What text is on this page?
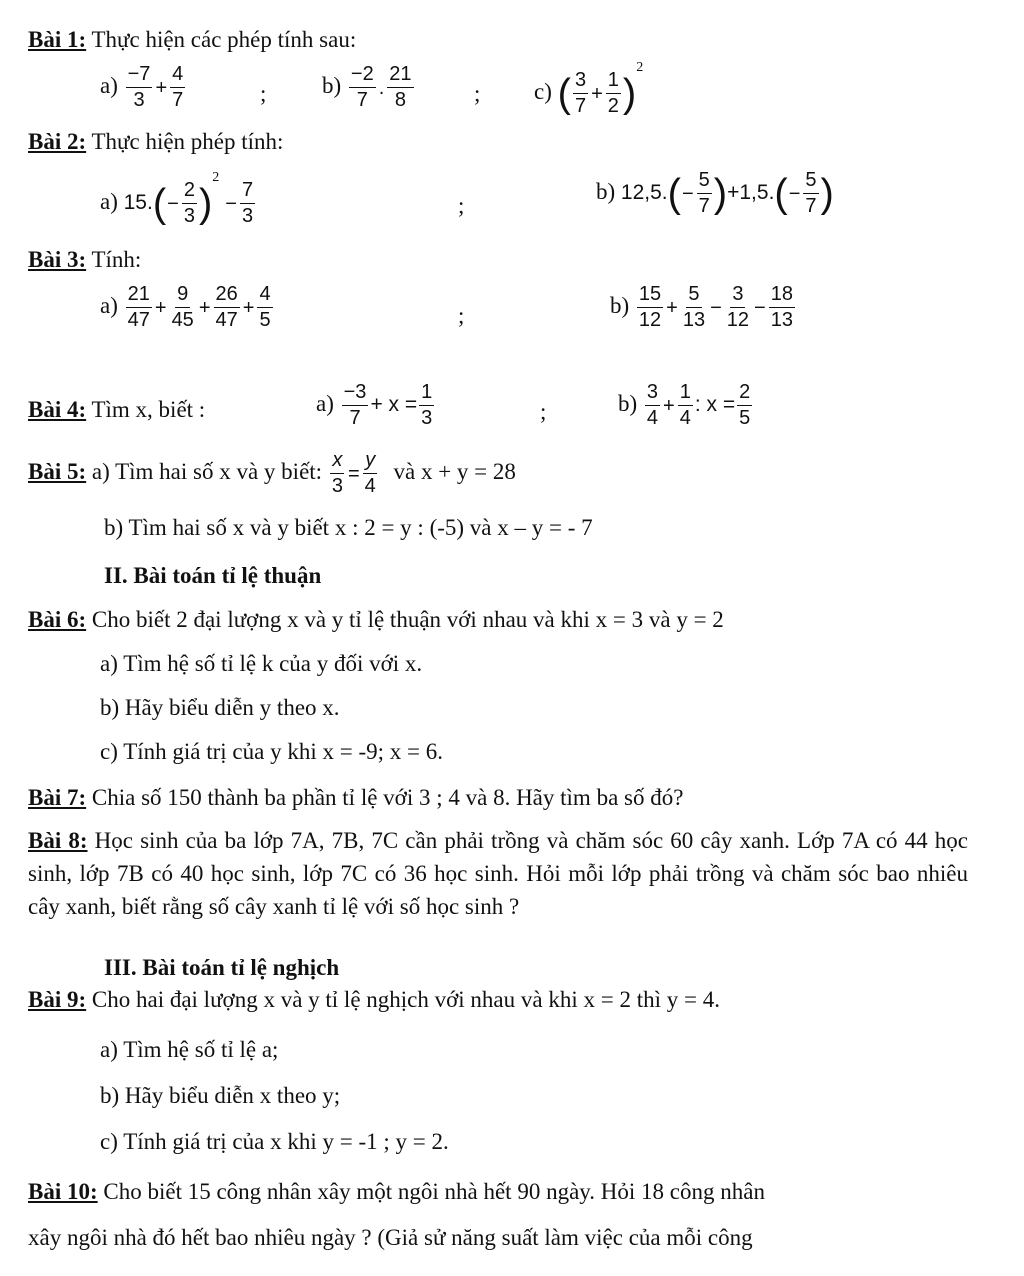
Bài 1: Thực hiện các phép tính sau:
$a) \frac{-7}{3} + \frac{4}{7}$	; $b) \frac{-2}{7}$ . $\frac{21}{8}$	; c) ( $\frac{3}{7} + \frac{1}{2} )^2$
Bài 2: Thực hiện phép tính:
a) $15.(- \frac{2}{3} )^2- \frac{7}{3}$	;
b) $12,5.(- \frac{5}{7} )+1,5.(- \frac{5}{7}$ )
Bài 3: Tính:
$a) \frac{21}{47} + \frac{9}{45} + \frac{26}{47} + \frac{4}{5}$	;	$b) \frac{15}{12} + \frac{5}{13} - \frac{3}{12} - \frac{18}{13}$
Bài 4: Tìm x, biết :	$a) \frac{-3}{7} + x = \frac{1}{3}$	;	$b) \frac{3}{4} + \frac{1}{4}$ : $x = \frac{2}{5}$
Bài 5: a) Tìm hai số x và y biết: $\frac{x}{3} = \frac{y}{4}$ và x + y = 28
b) Tìm hai số x và y biết x : 2 = y : (-5) và x – y = - 7
II. Bài toán tỉ lệ thuận
Bài 6: Cho biết 2 đại lượng x và y tỉ lệ thuận với nhau và khi x = 3 và y = 2
a) Tìm hệ số tỉ lệ k của y đối với x.
b) Hãy biểu diễn y theo x.
c) Tính giá trị của y khi x = -9; x = 6.
Bài 7: Chia số 150 thành ba phần tỉ lệ với 3 ; 4 và 8. Hãy tìm ba số đó?
Bài 8: Học sinh của ba lớp 7A, 7B, 7C cần phải trồng và chăm sóc 60 cây xanh. Lớp 7A có 44 học sinh, lớp 7B có 40 học sinh, lớp 7C có 36 học sinh. Hỏi mỗi lớp phải trồng và chăm sóc bao nhiêu cây xanh, biết rằng số cây xanh tỉ lệ với số học sinh ?
III. Bài toán tỉ lệ nghịch
Bài 9: Cho hai đại lượng x và y tỉ lệ nghịch với nhau và khi x = 2 thì y = 4.
a) Tìm hệ số tỉ lệ a;
b) Hãy biểu diễn x theo y;
c) Tính giá trị của x khi y = -1 ; y = 2.
Bài 10: Cho biết 15 công nhân xây một ngôi nhà hết 90 ngày. Hỏi 18 công nhân
xây ngôi nhà đó hết bao nhiêu ngày ? (Giả sử năng suất làm việc của mỗi công
